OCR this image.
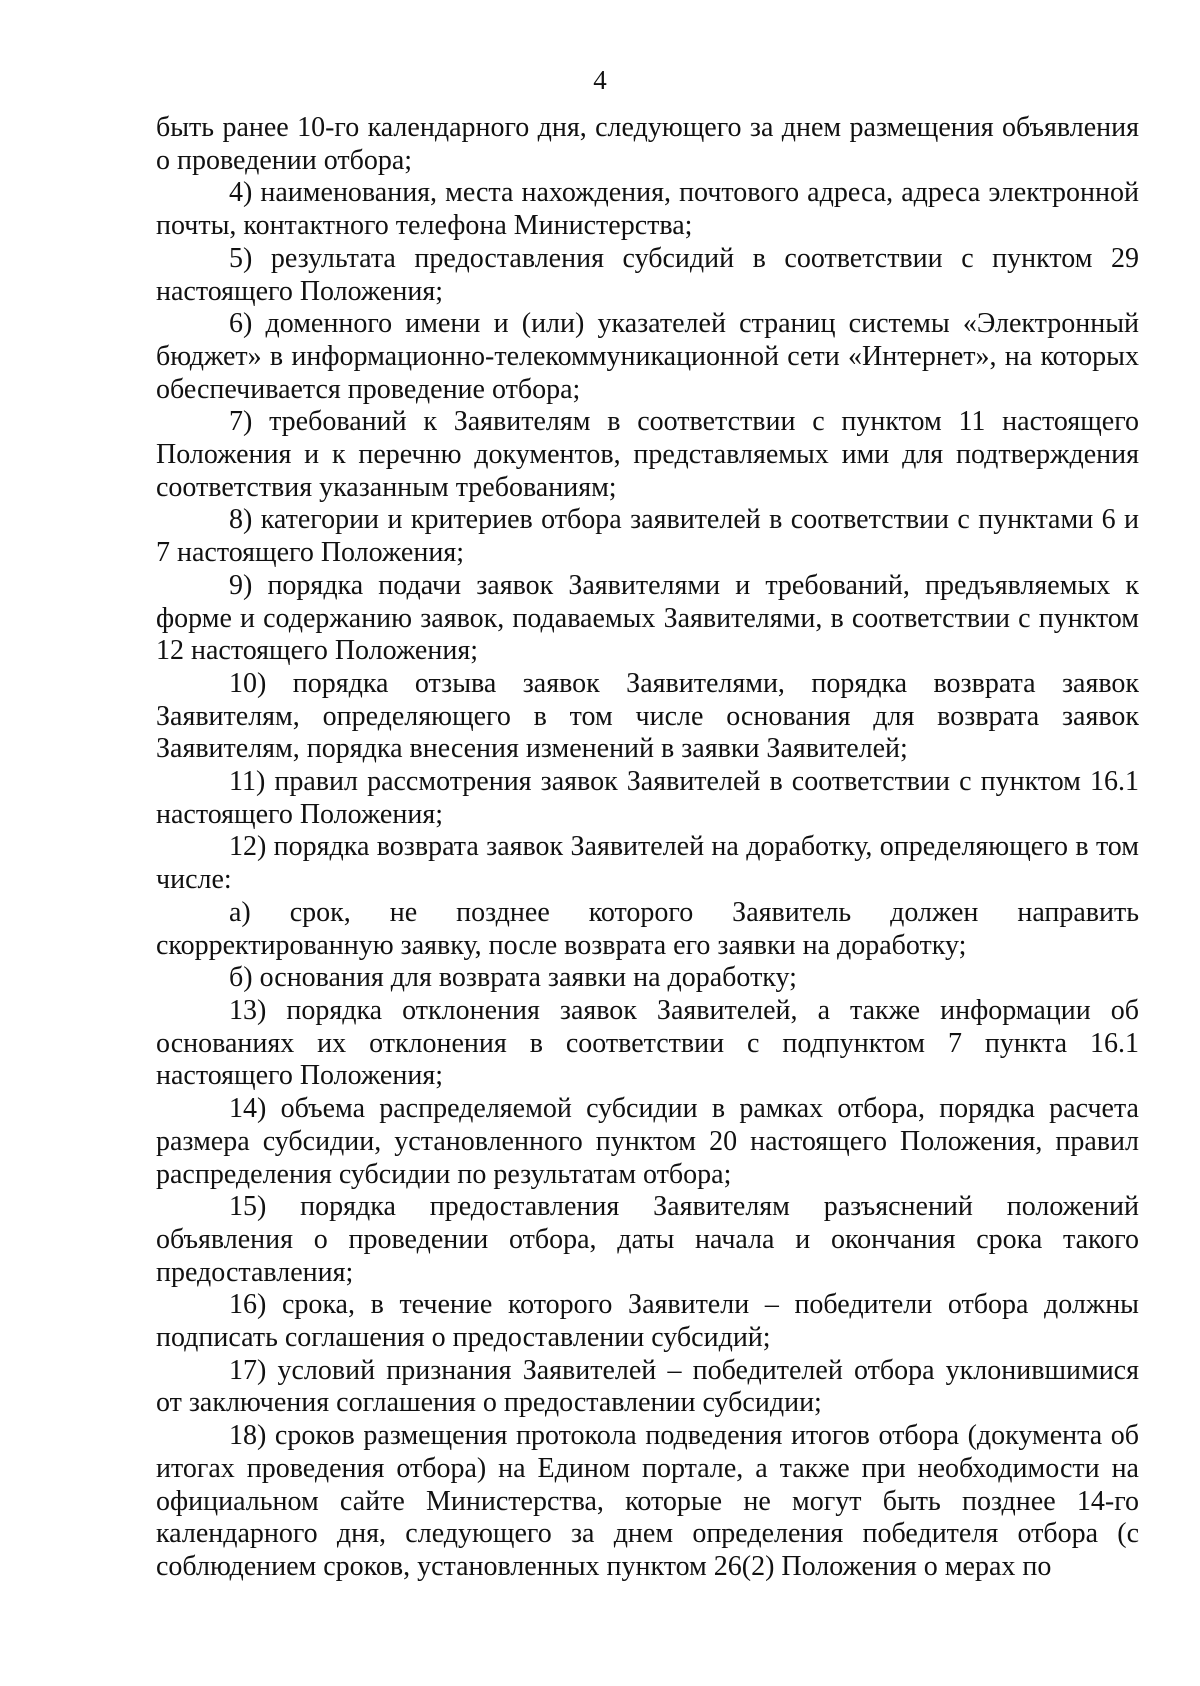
4

быть ранее 10-го календарного дня, следующего за днем размещения объявления о проведении отбора;

4) наименования, места нахождения, почтового адреса, адреса электронной почты, контактного телефона Министерства;

5) результата предоставления субсидий в соответствии с пунктом 29 настоящего Положения;

6) доменного имени и (или) указателей страниц системы «Электронный бюджет» в информационно-телекоммуникационной сети «Интернет», на которых обеспечивается проведение отбора;

7) требований к Заявителям в соответствии с пунктом 11 настоящего Положения и к перечню документов, представляемых ими для подтверждения соответствия указанным требованиям;

8) категории и критериев отбора заявителей в соответствии с пунктами 6 и 7 настоящего Положения;

9) порядка подачи заявок Заявителями и требований, предъявляемых к форме и содержанию заявок, подаваемых Заявителями, в соответствии с пунктом 12 настоящего Положения;

10) порядка отзыва заявок Заявителями, порядка возврата заявок Заявителям, определяющего в том числе основания для возврата заявок Заявителям, порядка внесения изменений в заявки Заявителей;

11) правил рассмотрения заявок Заявителей в соответствии с пунктом 16.1 настоящего Положения;

12) порядка возврата заявок Заявителей на доработку, определяющего в том числе:

а) срок, не позднее которого Заявитель должен направить скорректированную заявку, после возврата его заявки на доработку;

б) основания для возврата заявки на доработку;

13) порядка отклонения заявок Заявителей, а также информации об основаниях их отклонения в соответствии с подпунктом 7 пункта 16.1 настоящего Положения;

14) объема распределяемой субсидии в рамках отбора, порядка расчета размера субсидии, установленного пунктом 20 настоящего Положения, правил распределения субсидии по результатам отбора;

15) порядка предоставления Заявителям разъяснений положений объявления о проведении отбора, даты начала и окончания срока такого предоставления;

16) срока, в течение которого Заявители – победители отбора должны подписать соглашения о предоставлении субсидий;

17) условий признания Заявителей – победителей отбора уклонившимися от заключения соглашения о предоставлении субсидии;

18) сроков размещения протокола подведения итогов отбора (документа об итогах проведения отбора) на Едином портале, а также при необходимости на официальном сайте Министерства, которые не могут быть позднее 14-го календарного дня, следующего за днем определения победителя отбора (с соблюдением сроков, установленных пунктом 26(2) Положения о мерах по
